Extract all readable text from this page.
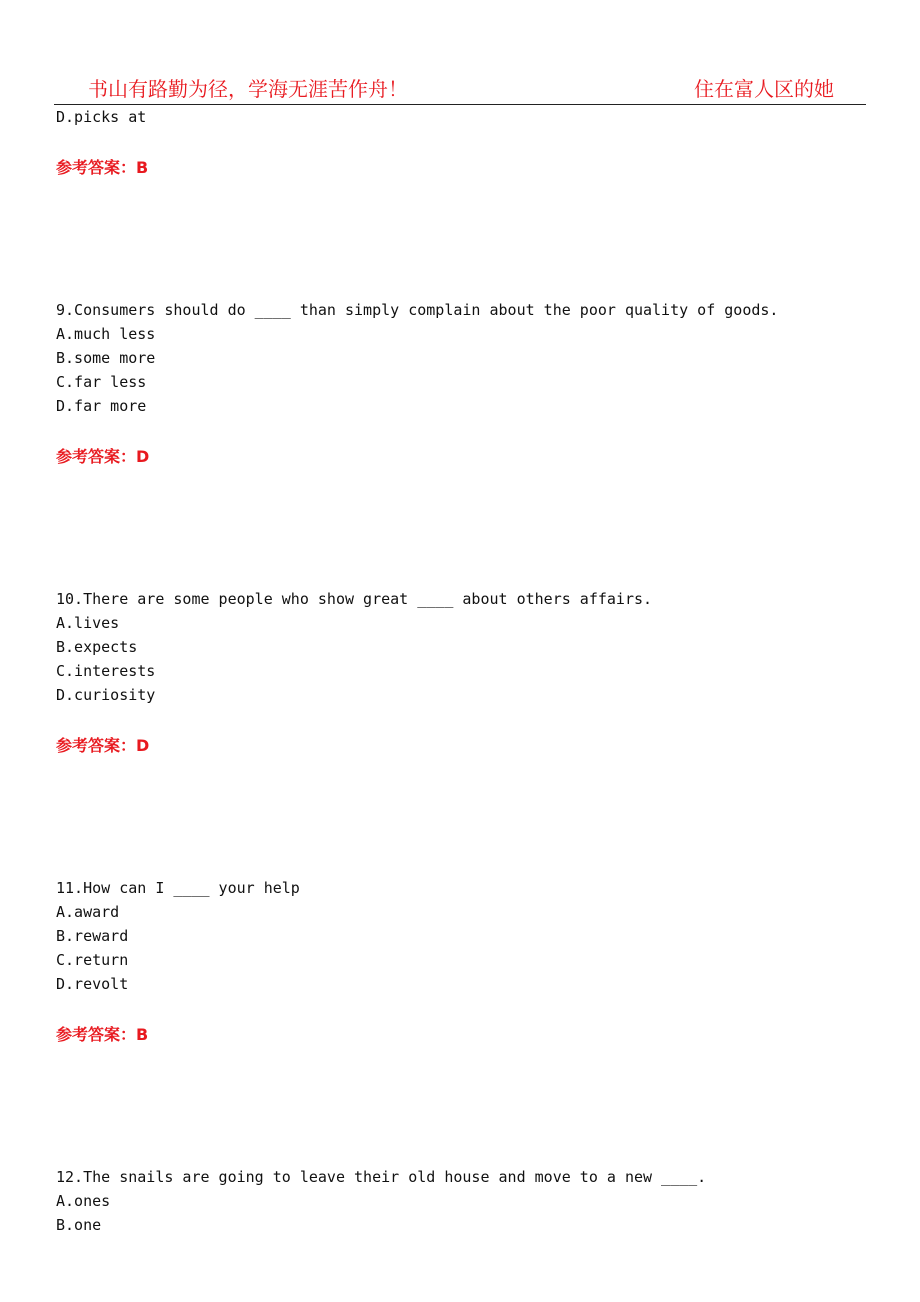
书山有路勤为径，学海无涯苦作舟！	住在富人区的她
D.picks at
参考答案：B
9.Consumers should do ____ than simply complain about the poor quality of goods.
A.much less
B.some more
C.far less
D.far more
参考答案：D
10.There are some people who show great ____ about others affairs.
A.lives
B.expects
C.interests
D.curiosity
参考答案：D
11.How can I ____ your help
A.award
B.reward
C.return
D.revolt
参考答案：B
12.The snails are going to leave their old house and move to a new ____.
A.ones
B.one
